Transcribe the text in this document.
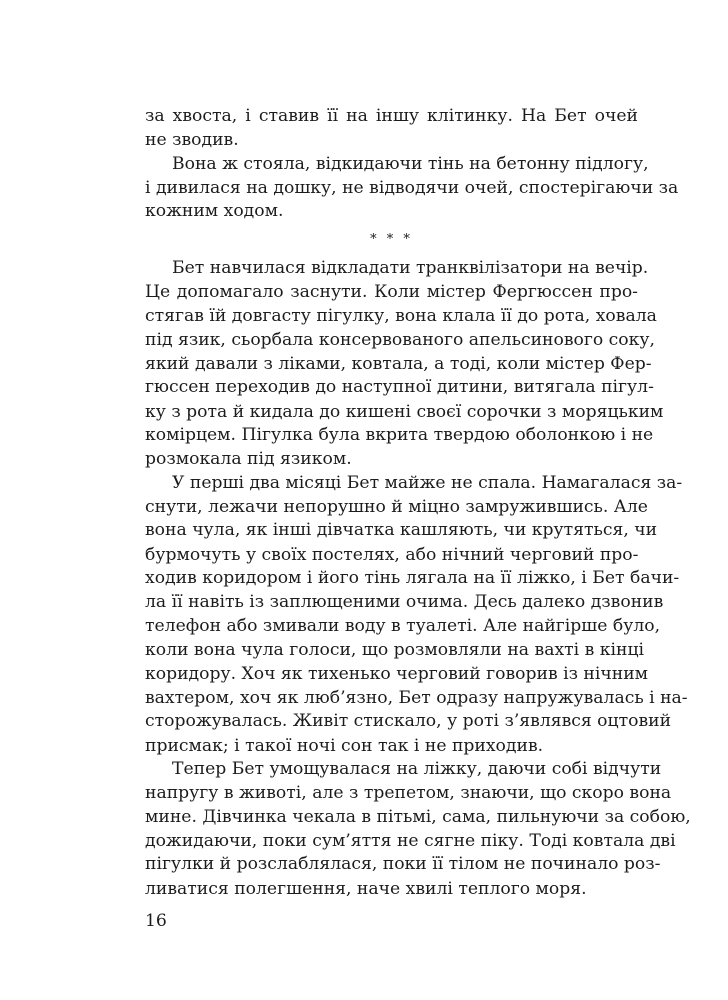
за хвоста, і ставив її на іншу клітинку. На Бет очей

не зводив.

Вона ж стояла, відкидаючи тінь на бетонну підлогу,

і дивилася на дошку, не відводячи очей, спостерігаючи за

кожним ходом.

* * *

Бет навчилася відкладати транквілізатори на вечір.

Це допомагало заснути. Коли містер Фергюссен про-

стягав їй довгасту пігулку, вона клала її до рота, ховала

під язик, сьорбала консервованого апельсинового соку,

який давали з ліками, ковтала, а тоді, коли містер Фер-

гюссен переходив до наступної дитини, витягала пігул-

ку з рота й кидала до кишені своєї сорочки з моряцьким

комірцем. Пігулка була вкрита твердою оболонкою і не

розмокала під язиком.

У перші два місяці Бет майже не спала. Намагалася за-

снути, лежачи непорушно й міцно замружившись. Але

вона чула, як інші дівчатка кашляють, чи крутяться, чи

бурмочуть у своїх постелях, або нічний черговий про-

ходив коридором і його тінь лягала на її ліжко, і Бет бачи-

ла її навіть із заплющеними очима. Десь далеко дзвонив

телефон або змивали воду в туалеті. Але найгірше було,

коли вона чула голоси, що розмовляли на вахті в кінці

коридору. Хоч як тихенько черговий говорив із нічним

вахтером, хоч як люб’язно, Бет одразу напружувалась і на-

сторожувалась. Живіт стискало, у роті з’являвся оцтовий

присмак; і такої ночі сон так і не приходив.

Тепер Бет умощувалася на ліжку, даючи собі відчути

напругу в животі, але з трепетом, знаючи, що скоро вона

мине. Дівчинка чекала в пітьмі, сама, пильнуючи за собою,

дожидаючи, поки сум’яття не сягне піку. Тоді ковтала дві

пігулки й розслаблялася, поки її тілом не починало роз-

ливатися полегшення, наче хвилі теплого моря.

16
